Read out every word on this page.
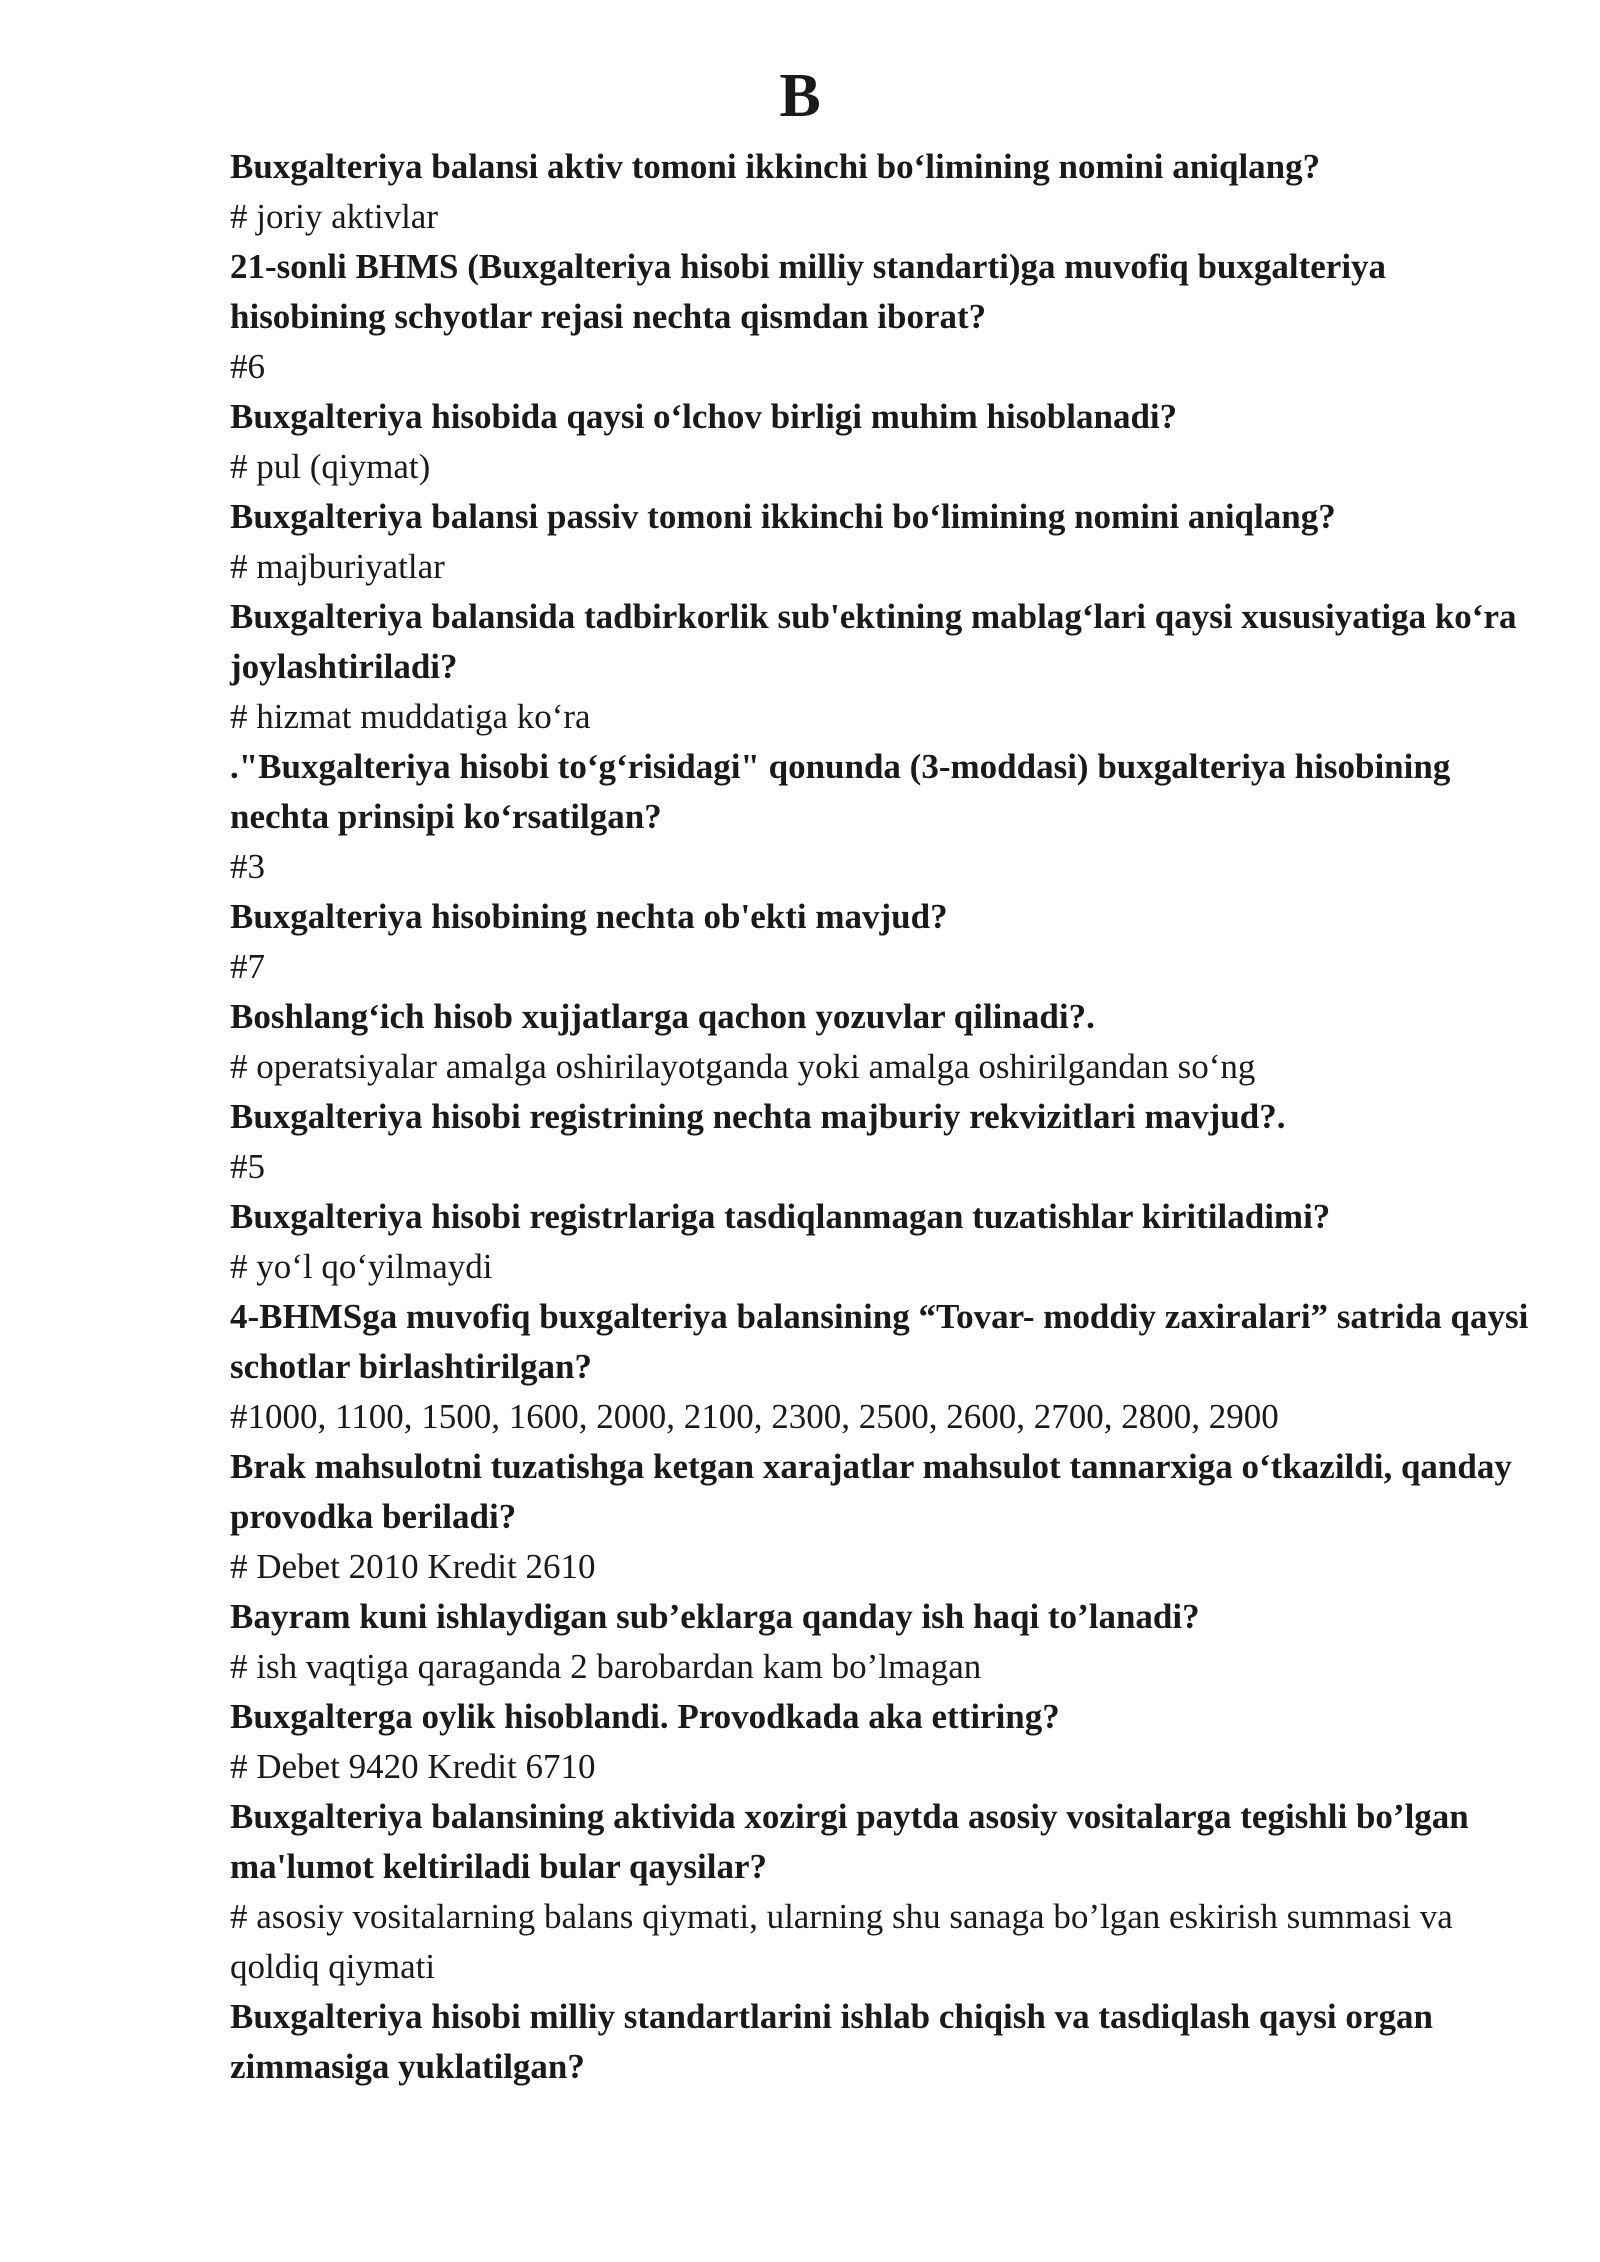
B

Buxgalteriya balansi aktiv tomoni ikkinchi bo‘limining nomini aniqlang?

# joriy aktivlar

21-sonli BHMS (Buxgalteriya hisobi milliy standarti)ga muvofiq buxgalteriya hisobining schyotlar rejasi nechta qismdan iborat?

#6

Buxgalteriya hisobida qaysi o‘lchov birligi muhim hisoblanadi?

# pul (qiymat)

Buxgalteriya balansi passiv tomoni ikkinchi bo‘limining nomini aniqlang?

# majburiyatlar

Buxgalteriya balansida tadbirkorlik sub'ektining mablag‘lari qaysi xususiyatiga ko‘ra joylashtiriladi?

# hizmat muddatiga ko‘ra

."Buxgalteriya hisobi to‘g‘risidagi" qonunda (3-moddasi) buxgalteriya hisobining nechta prinsipi ko‘rsatilgan?

#3

Buxgalteriya hisobining nechta ob'ekti mavjud?

#7

Boshlang‘ich hisob xujjatlarga qachon yozuvlar qilinadi?.

# operatsiyalar amalga oshirilayotganda yoki amalga oshirilgandan so‘ng

Buxgalteriya hisobi registrining nechta majburiy rekvizitlari mavjud?.

#5

Buxgalteriya hisobi registrlariga tasdiqlanmagan tuzatishlar kiritiladimi?

# yo‘l qo‘yilmaydi

4-BHMSga muvofiq buxgalteriya balansining “Tovar- moddiy zaxiralari” satrida qaysi schotlar birlashtirilgan?

#1000, 1100, 1500, 1600, 2000, 2100, 2300, 2500, 2600, 2700, 2800, 2900

Brak mahsulotni tuzatishga ketgan xarajatlar mahsulot tannarxiga o‘tkazildi, qanday provodka beriladi?

# Debet 2010 Kredit 2610

Bayram kuni ishlaydigan sub’eklarga qanday ish haqi to’lanadi?

# ish vaqtiga qaraganda 2 barobardan kam bo’lmagan

Buxgalterga oylik hisoblandi. Provodkada aka ettiring?

# Debet 9420 Kredit 6710

Buxgalteriya balansining aktivida xozirgi paytda asosiy vositalarga tegishli bo’lgan ma'lumot keltiriladi bular qaysilar?

# asosiy vositalarning balans qiymati, ularning shu sanaga bo’lgan eskirish summasi va qoldiq qiymati

Buxgalteriya hisobi milliy standartlarini ishlab chiqish va tasdiqlash qaysi organ zimmasiga yuklatilgan?
